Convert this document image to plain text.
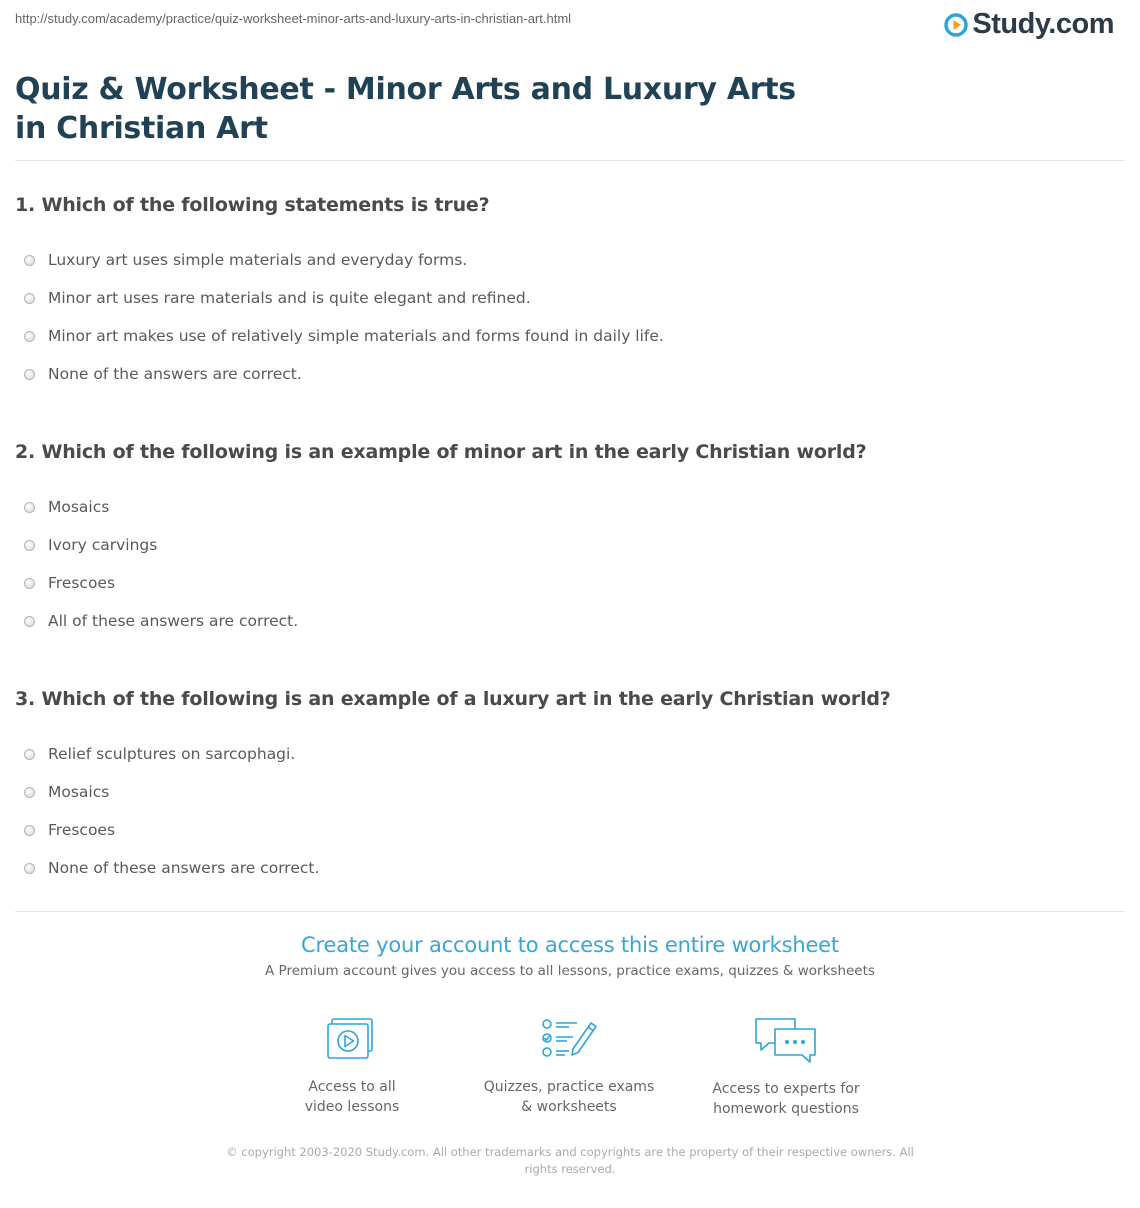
http://study.com/academy/practice/quiz-worksheet-minor-arts-and-luxury-arts-in-christian-art.html	Study.com
Quiz & Worksheet - Minor Arts and Luxury Arts in Christian Art

1. Which of the following statements is true?

Luxury art uses simple materials and everyday forms.
Minor art uses rare materials and is quite elegant and refined.
Minor art makes use of relatively simple materials and forms found in daily life.
None of the answers are correct.

2. Which of the following is an example of minor art in the early Christian world?

Mosaics
Ivory carvings
Frescoes
All of these answers are correct.

3. Which of the following is an example of a luxury art in the early Christian world?

Relief sculptures on sarcophagi.
Mosaics
Frescoes
None of these answers are correct.

Create your account to access this entire worksheet

A Premium account gives you access to all lessons, practice exams, quizzes & worksheets
Access to all
video lessons
Quizzes, practice exams
& worksheets
Access to experts for
homework questions
© copyright 2003-2020 Study.com. All other trademarks and copyrights are the property of their respective owners. All rights reserved.
